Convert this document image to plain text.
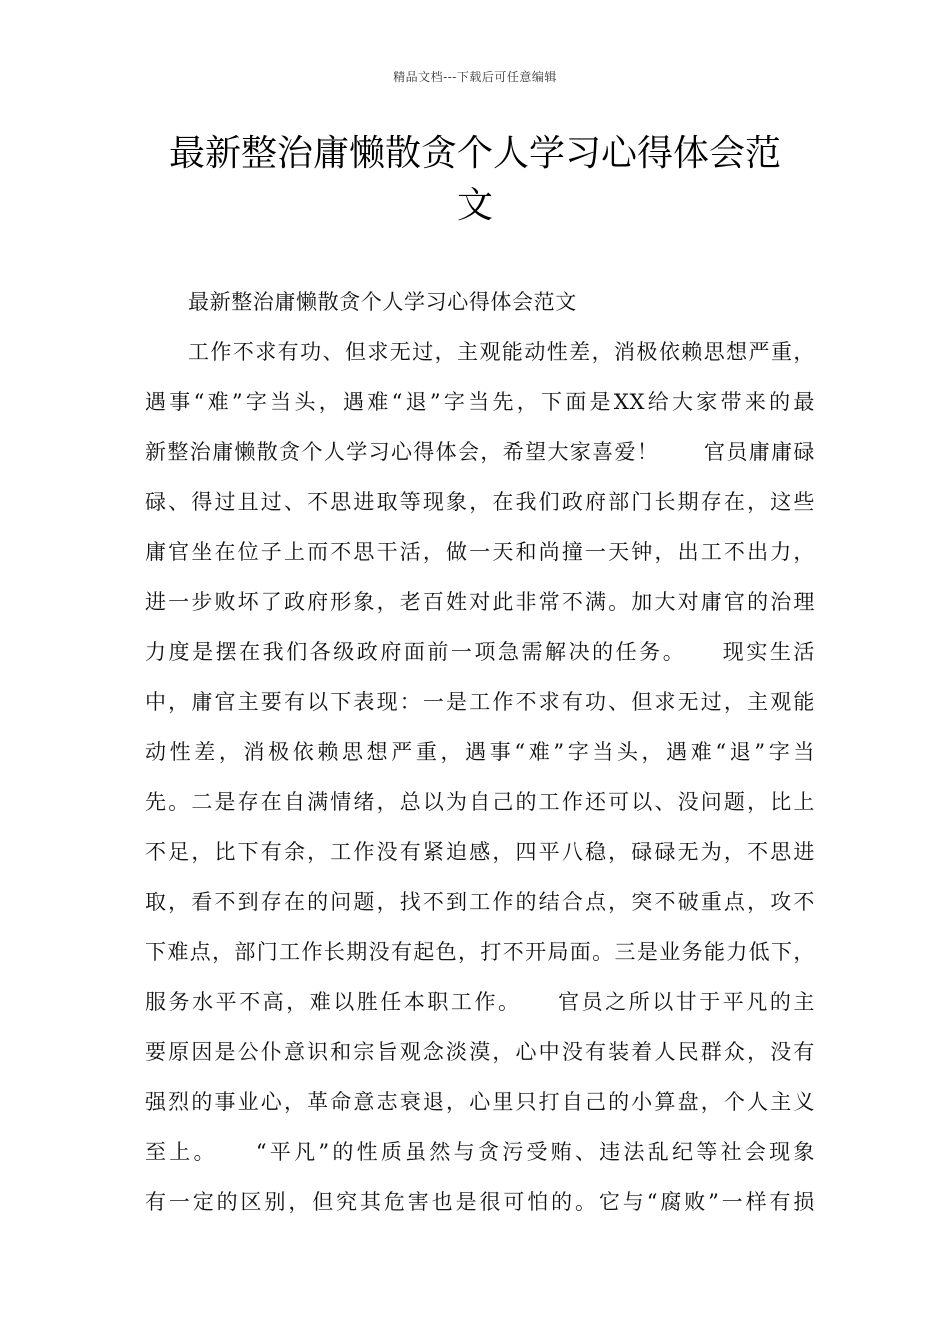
精品文档---下载后可任意编辑
最新整治庸懒散贪个人学习心得体会范
文
最新整治庸懒散贪个人学习心得体会范文
工作不求有功、但求无过，主观能动性差，消极依赖思想严重，
遇事“难”字当头，遇难“退”字当先，下面是XX给大家带来的最
新整治庸懒散贪个人学习心得体会，希望大家喜爱！　　官员庸庸碌
碌、得过且过、不思进取等现象，在我们政府部门长期存在，这些
庸官坐在位子上而不思干活，做一天和尚撞一天钟，出工不出力，
进一步败坏了政府形象，老百姓对此非常不满。加大对庸官的治理
力度是摆在我们各级政府面前一项急需解决的任务。　　现实生活
中，庸官主要有以下表现：一是工作不求有功、但求无过，主观能
动性差，消极依赖思想严重，遇事“难”字当头，遇难“退”字当
先。二是存在自满情绪，总以为自己的工作还可以、没问题，比上
不足，比下有余，工作没有紧迫感，四平八稳，碌碌无为，不思进
取，看不到存在的问题，找不到工作的结合点，突不破重点，攻不
下难点，部门工作长期没有起色，打不开局面。三是业务能力低下，
服务水平不高，难以胜任本职工作。　　官员之所以甘于平凡的主
要原因是公仆意识和宗旨观念淡漠，心中没有装着人民群众，没有
强烈的事业心，革命意志衰退，心里只打自己的小算盘，个人主义
至上。　　“平凡”的性质虽然与贪污受贿、违法乱纪等社会现象
有一定的区别，但究其危害也是很可怕的。它与“腐败”一样有损
